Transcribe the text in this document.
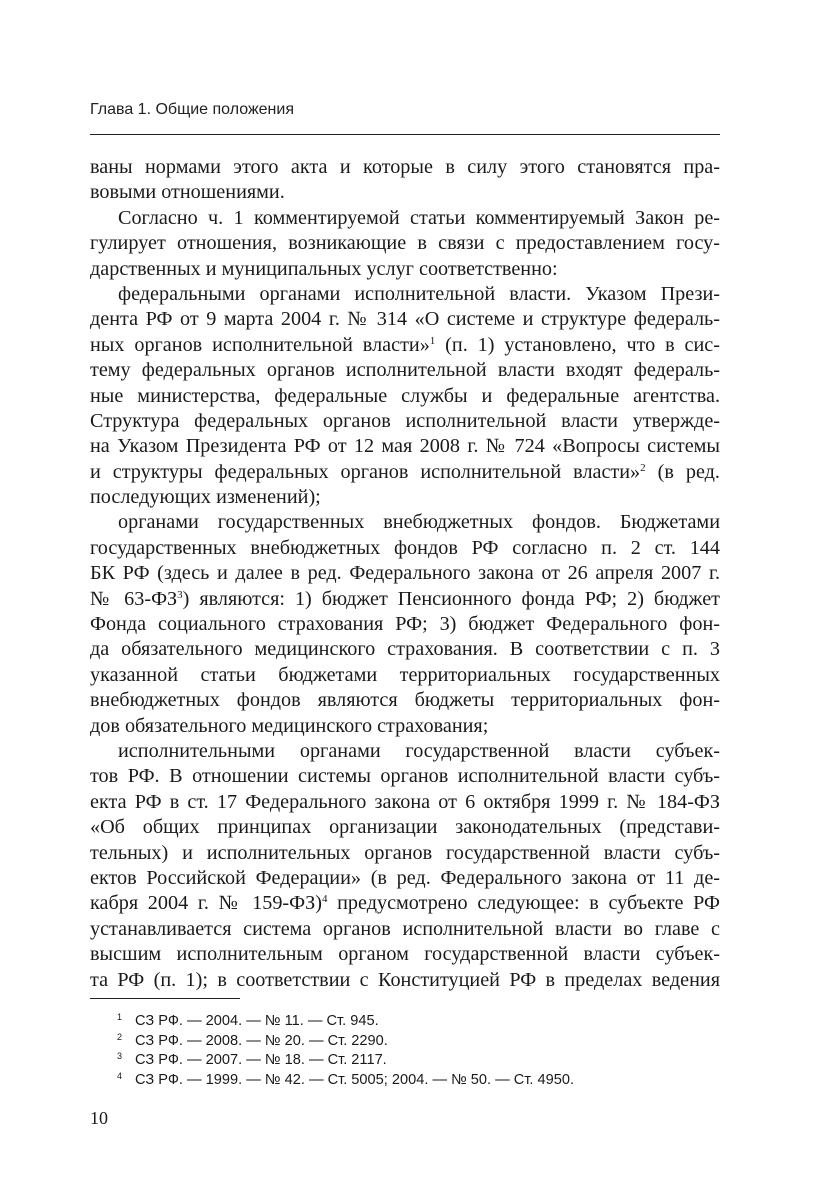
Глава 1. Общие положения
ваны нормами этого акта и которые в силу этого становятся пра-
вовыми отношениями.
Согласно ч. 1 комментируемой статьи комментируемый Закон ре-
гулирует отношения, возникающие в связи с предоставлением госу-
дарственных и муниципальных услуг соответственно:
федеральными органами исполнительной власти. Указом Прези-
дента РФ от 9 марта 2004 г. № 314 «О системе и структуре федераль-
ных органов исполнительной власти»$^1$ (п. 1) установлено, что в сис-
тему федеральных органов исполнительной власти входят федераль-
ные министерства, федеральные службы и федеральные агентства.
Структура федеральных органов исполнительной власти утвержде-
на Указом Президента РФ от 12 мая 2008 г. № 724 «Вопросы системы
и структуры федеральных органов исполнительной власти»$^2$ (в ред.
последующих изменений);
органами государственных внебюджетных фондов. Бюджетами
государственных внебюджетных фондов РФ согласно п. 2 ст. 144
БК РФ (здесь и далее в ред. Федерального закона от 26 апреля 2007 г.
№ $63-ФЗ^3$) являются: 1) бюджет Пенсионного фонда РФ; 2) бюджет
Фонда социального страхования РФ; 3) бюджет Федерального фон-
да обязательного медицинского страхования. В соответствии с п. 3
указанной статьи бюджетами территориальных государственных
внебюджетных фондов являются бюджеты территориальных фон-
дов обязательного медицинского страхования;
исполнительными органами государственной власти субъек-
тов РФ. В отношении системы органов исполнительной власти субъ-
екта РФ в ст. 17 Федерального закона от 6 октября 1999 г. № 184-ФЗ
«Об общих принципах организации законодательных (представи-
тельных) и исполнительных органов государственной власти субъ-
ектов Российской Федерации» (в ред. Федерального закона от 11 де-
кабря 2004 г. № 159-ФЗ)$^4$ предусмотрено следующее: в субъекте РФ
устанавливается система органов исполнительной власти во главе с
высшим исполнительным органом государственной власти субъек-
та РФ (п. 1); в соответствии с Конституцией РФ в пределах ведения
1 СЗ РФ. — 2004. — № 11. — Ст. 945.
2 СЗ РФ. — 2008. — № 20. — Ст. 2290.
3 СЗ РФ. — 2007. — № 18. — Ст. 2117.
4 СЗ РФ. — 1999. — № 42. — Ст. 5005; 2004. — № 50. — Ст. 4950.
10
